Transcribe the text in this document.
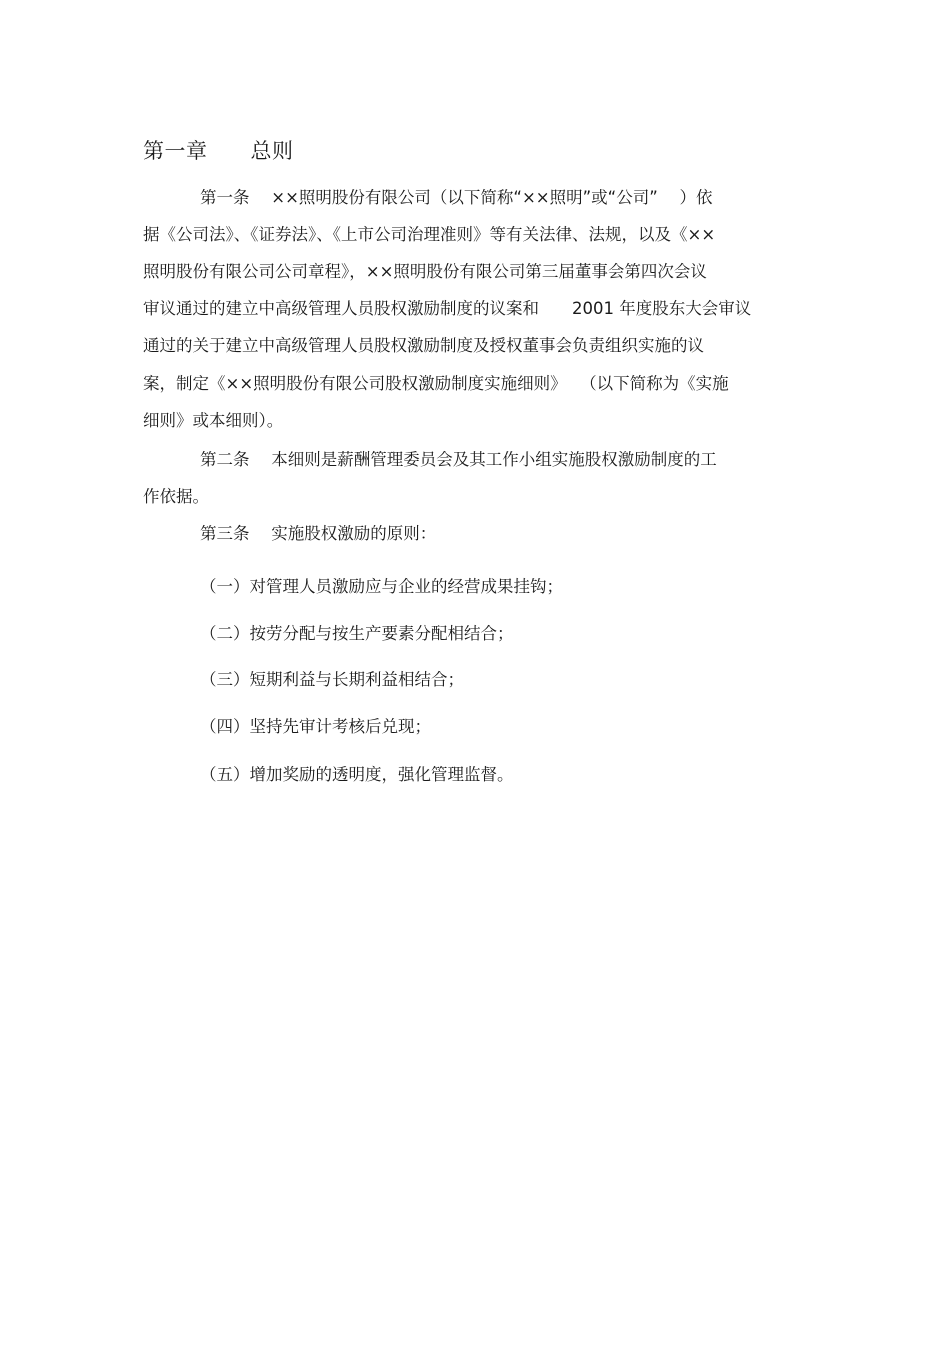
第一章　　总则
第一条　 ××照明股份有限公司（以下简称“××照明”或“公司”　 ）依
据《公司法》、《证券法》、《上市公司治理准则》等有关法律、法规，以及《××
照明股份有限公司公司章程》，××照明股份有限公司第三届董事会第四次会议
审议通过的建立中高级管理人员股权激励制度的议案和　　2001 年度股东大会审议
通过的关于建立中高级管理人员股权激励制度及授权董事会负责组织实施的议
案，制定《××照明股份有限公司股权激励制度实施细则》　 （以下简称为《实施
细则》或本细则）。
第二条　 本细则是薪酬管理委员会及其工作小组实施股权激励制度的工
作依据。
第三条　 实施股权激励的原则：
（一）对管理人员激励应与企业的经营成果挂钩；
（二）按劳分配与按生产要素分配相结合；
（三）短期利益与长期利益相结合；
（四）坚持先审计考核后兑现；
（五）增加奖励的透明度，强化管理监督。
